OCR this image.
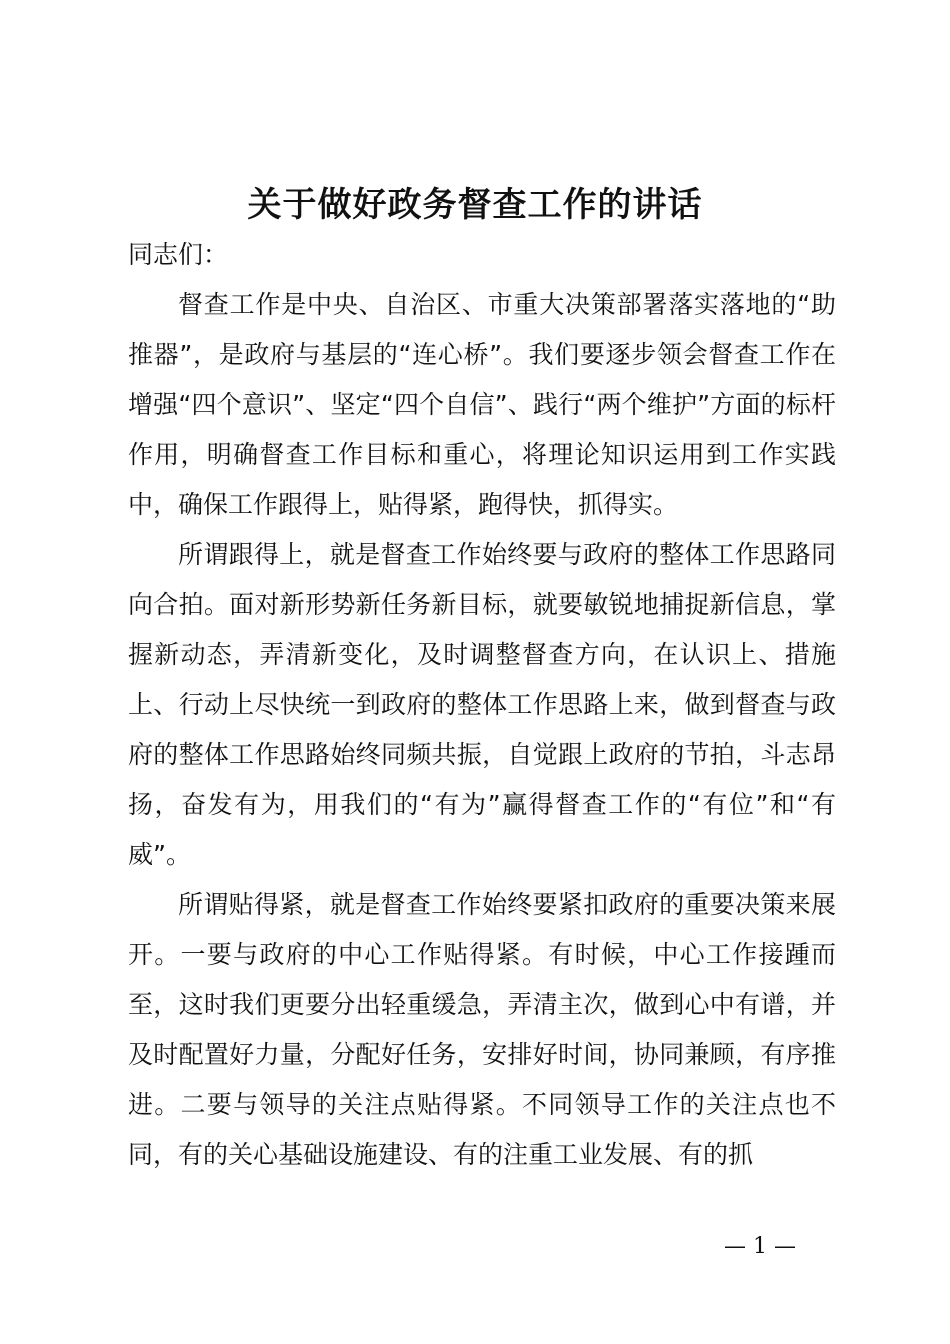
关于做好政务督查工作的讲话

同志们：

督查工作是中央、自治区、市重大决策部署落实落地的“助推器”，是政府与基层的“连心桥”。我们要逐步领会督查工作在增强“四个意识”、坚定“四个自信”、践行“两个维护”方面的标杆作用，明确督查工作目标和重心，将理论知识运用到工作实践中，确保工作跟得上，贴得紧，跑得快，抓得实。

所谓跟得上，就是督查工作始终要与政府的整体工作思路同向合拍。面对新形势新任务新目标，就要敏锐地捕捉新信息，掌握新动态，弄清新变化，及时调整督查方向，在认识上、措施上、行动上尽快统一到政府的整体工作思路上来，做到督查与政府的整体工作思路始终同频共振，自觉跟上政府的节拍，斗志昂扬，奋发有为，用我们的“有为”赢得督查工作的“有位”和“有威”。

所谓贴得紧，就是督查工作始终要紧扣政府的重要决策来展开。一要与政府的中心工作贴得紧。有时候，中心工作接踵而至，这时我们更要分出轻重缓急，弄清主次，做到心中有谱，并及时配置好力量，分配好任务，安排好时间，协同兼顾，有序推进。二要与领导的关注点贴得紧。不同领导工作的关注点也不同，有的关心基础设施建设、有的注重工业发展、有的抓

— 1 —
